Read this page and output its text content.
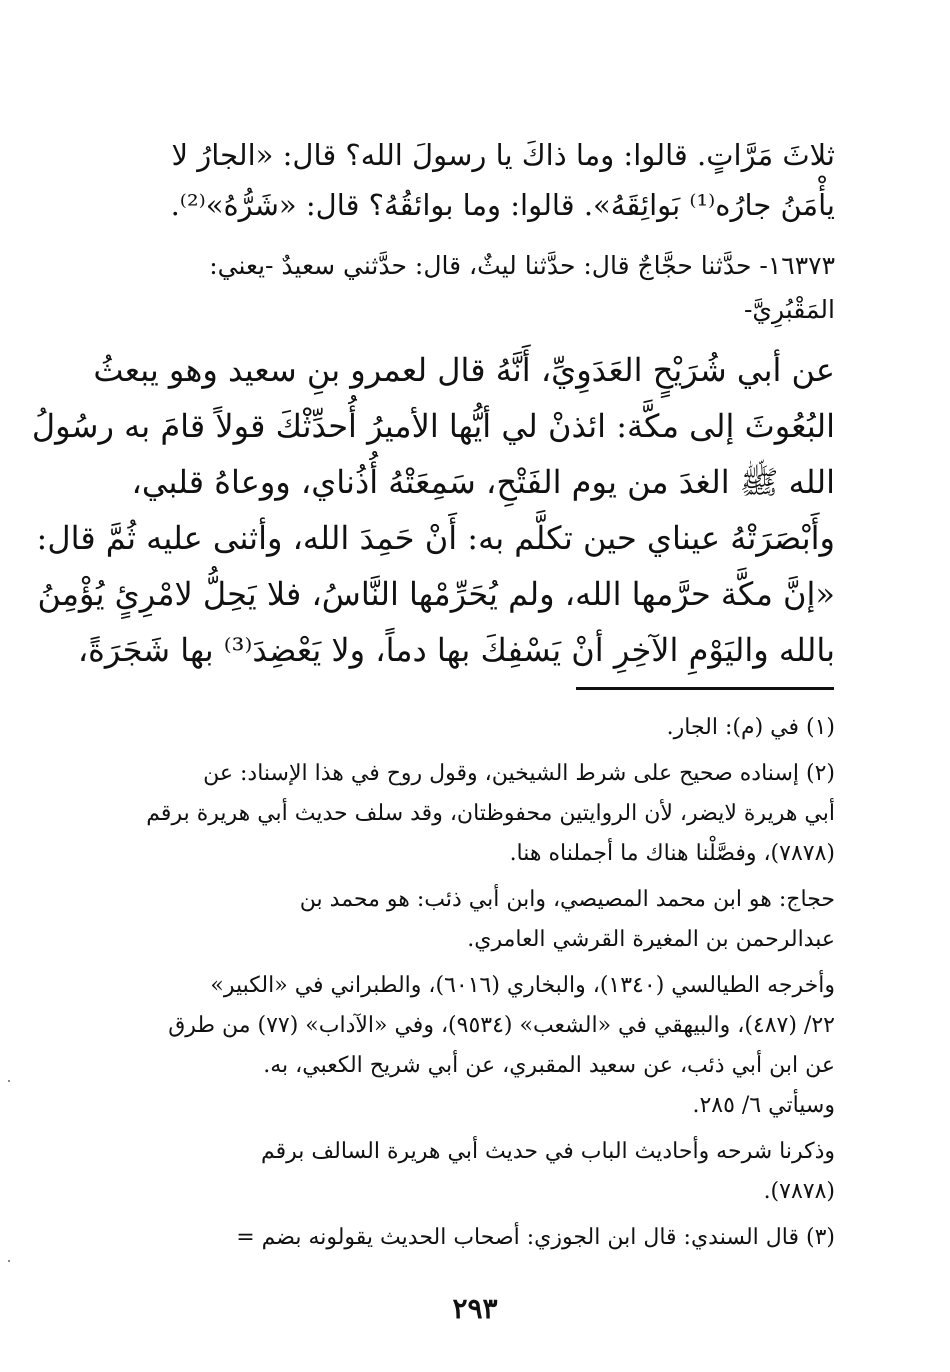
ثلاثَ مَرَّاتٍ. قالوا: وما ذاكَ يا رسولَ الله؟ قال: «الجارُ لا
يأْمَنُ جارُه⁽¹⁾ بَوائِقَهُ». قالوا: وما بوائقُهُ؟ قال: «شَرُّهُ»⁽²⁾.
١٦٣٧٣- حدَّثنا حجَّاجٌ قال: حدَّثنا ليثٌ، قال: حدَّثني سعيدٌ -يعني:
المَقْبُرِيَّ-
عن أبي شُرَيْحٍ العَدَوِيِّ، أَنَّهُ قال لعمرو بنِ سعيد وهو يبعثُ
البُعُوثَ إلى مكَّة: ائذنْ لي أيُّها الأميرُ أُحدِّثْكَ قولاً قامَ به رسُولُ
الله ﷺ الغدَ من يوم الفَتْحِ، سَمِعَتْهُ أُذُناي، ووعاهُ قلبي،
وأَبْصَرَتْهُ عيناي حين تكلَّم به: أَنْ حَمِدَ الله، وأثنى عليه ثُمَّ قال:
«إنَّ مكَّة حرَّمها الله، ولم يُحَرِّمْها النَّاسُ، فلا يَحِلُّ لامْرِئٍ يُؤْمِنُ
بالله واليَوْمِ الآخِرِ أنْ يَسْفِكَ بها دماً، ولا يَعْضِدَ⁽³⁾ بها شَجَرَةً،
(١) في (م): الجار.
(٢) إسناده صحيح على شرط الشيخين، وقول روح في هذا الإسناد: عن
أبي هريرة لايضر، لأن الروايتين محفوظتان، وقد سلف حديث أبي هريرة برقم
(٧٨٧٨)، وفصَّلْنا هناك ما أجملناه هنا.
حجاج: هو ابن محمد المصيصي، وابن أبي ذئب: هو محمد بن
عبدالرحمن بن المغيرة القرشي العامري.
وأخرجه الطيالسي (١٣٤٠)، والبخاري (٦٠١٦)، والطبراني في «الكبير»
٢٢/ (٤٨٧)، والبيهقي في «الشعب» (٩٥٣٤)، وفي «الآداب» (٧٧) من طرق
عن ابن أبي ذئب، عن سعيد المقبري، عن أبي شريح الكعبي، به.
وسيأتي ٦/ ٢٨٥.
وذكرنا شرحه وأحاديث الباب في حديث أبي هريرة السالف برقم
(٧٨٧٨).
(٣) قال السندي: قال ابن الجوزي: أصحاب الحديث يقولونه بضم =
٢٩٣
